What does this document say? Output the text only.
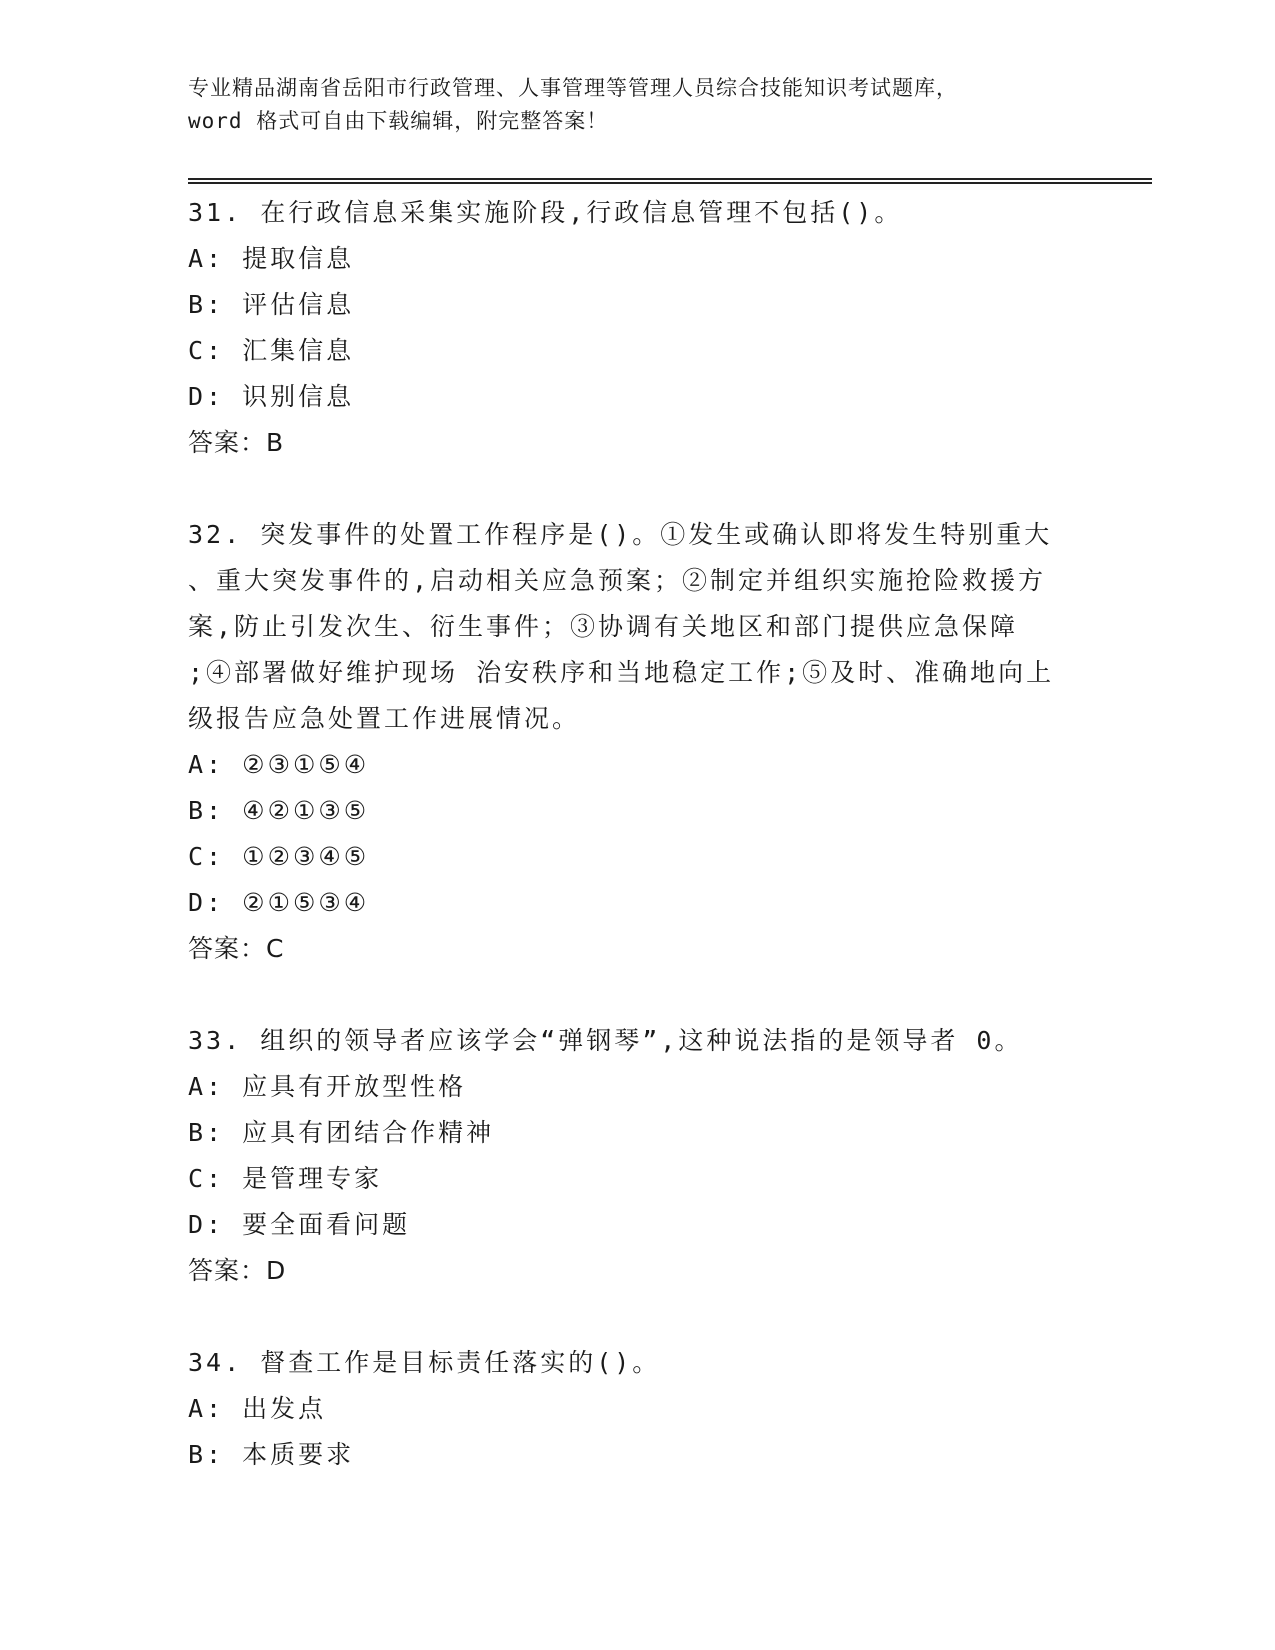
专业精品湖南省岳阳市行政管理、人事管理等管理人员综合技能知识考试题库，
word 格式可自由下载编辑，附完整答案！
31. 在行政信息采集实施阶段,行政信息管理不包括()。
A: 提取信息
B: 评估信息
C: 汇集信息
D: 识别信息
答案：B
32. 突发事件的处置工作程序是()。①发生或确认即将发生特别重大
、重大突发事件的,启动相关应急预案；②制定并组织实施抢险救援方
案,防止引发次生、衍生事件；③协调有关地区和部门提供应急保障
;④部署做好维护现场 治安秩序和当地稳定工作;⑤及时、准确地向上
级报告应急处置工作进展情况。
A: ②③①⑤④
B: ④②①③⑤
C: ①②③④⑤
D: ②①⑤③④
答案：C
33. 组织的领导者应该学会“弹钢琴”,这种说法指的是领导者 0。
A: 应具有开放型性格
B: 应具有团结合作精神
C: 是管理专家
D: 要全面看问题
答案：D
34. 督查工作是目标责任落实的()。
A: 出发点
B: 本质要求
